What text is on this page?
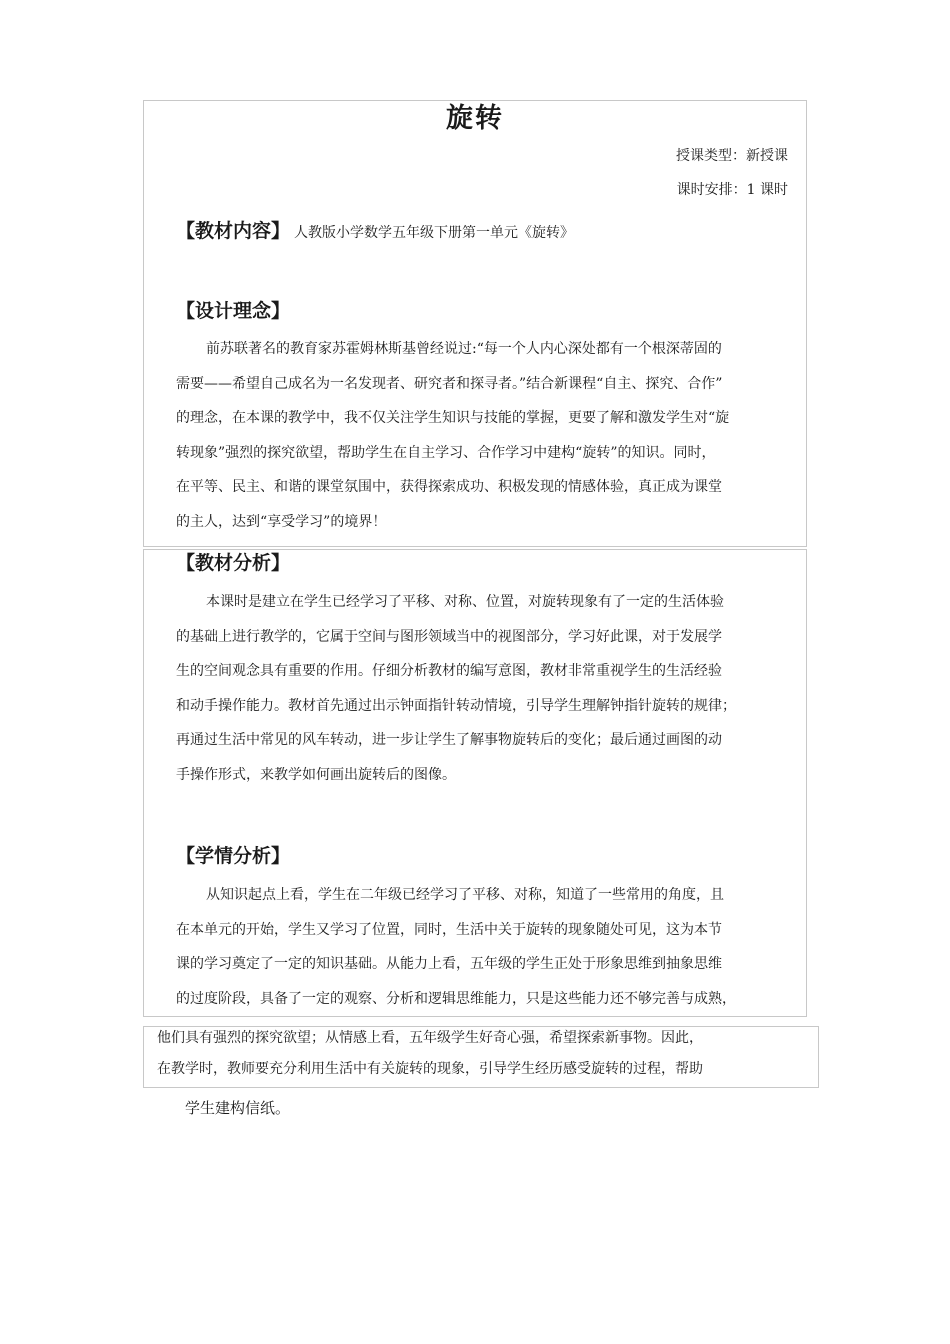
旋转

授课类型：新授课

课时安排：1 课时

【教材内容】 人教版小学数学五年级下册第一单元《旋转》
【设计理念】
前苏联著名的教育家苏霍姆林斯基曾经说过:“每一个人内心深处都有一个根深蒂固的
需要——希望自己成名为一名发现者、研究者和探寻者。”结合新课程“自主、探究、合作”
的理念，在本课的教学中，我不仅关注学生知识与技能的掌握，更要了解和激发学生对“旋
转现象”强烈的探究欲望，帮助学生在自主学习、合作学习中建构“旋转”的知识。同时，
在平等、民主、和谐的课堂氛围中，获得探索成功、积极发现的情感体验，真正成为课堂
的主人，达到“享受学习”的境界！
【教材分析】
本课时是建立在学生已经学习了平移、对称、位置，对旋转现象有了一定的生活体验
的基础上进行教学的，它属于空间与图形领域当中的视图部分，学习好此课，对于发展学
生的空间观念具有重要的作用。仔细分析教材的编写意图，教材非常重视学生的生活经验
和动手操作能力。教材首先通过出示钟面指针转动情境，引导学生理解钟指针旋转的规律；
再通过生活中常见的风车转动，进一步让学生了解事物旋转后的变化；最后通过画图的动
手操作形式，来教学如何画出旋转后的图像。
【学情分析】
从知识起点上看，学生在二年级已经学习了平移、对称，知道了一些常用的角度，且
在本单元的开始，学生又学习了位置，同时，生活中关于旋转的现象随处可见，这为本节
课的学习奠定了一定的知识基础。从能力上看，五年级的学生正处于形象思维到抽象思维
的过度阶段，具备了一定的观察、分析和逻辑思维能力，只是这些能力还不够完善与成熟，
他们具有强烈的探究欲望；从情感上看，五年级学生好奇心强，希望探索新事物。因此，
在教学时，教师要充分利用生活中有关旋转的现象，引导学生经历感受旋转的过程，帮助

学生建构信纸。
